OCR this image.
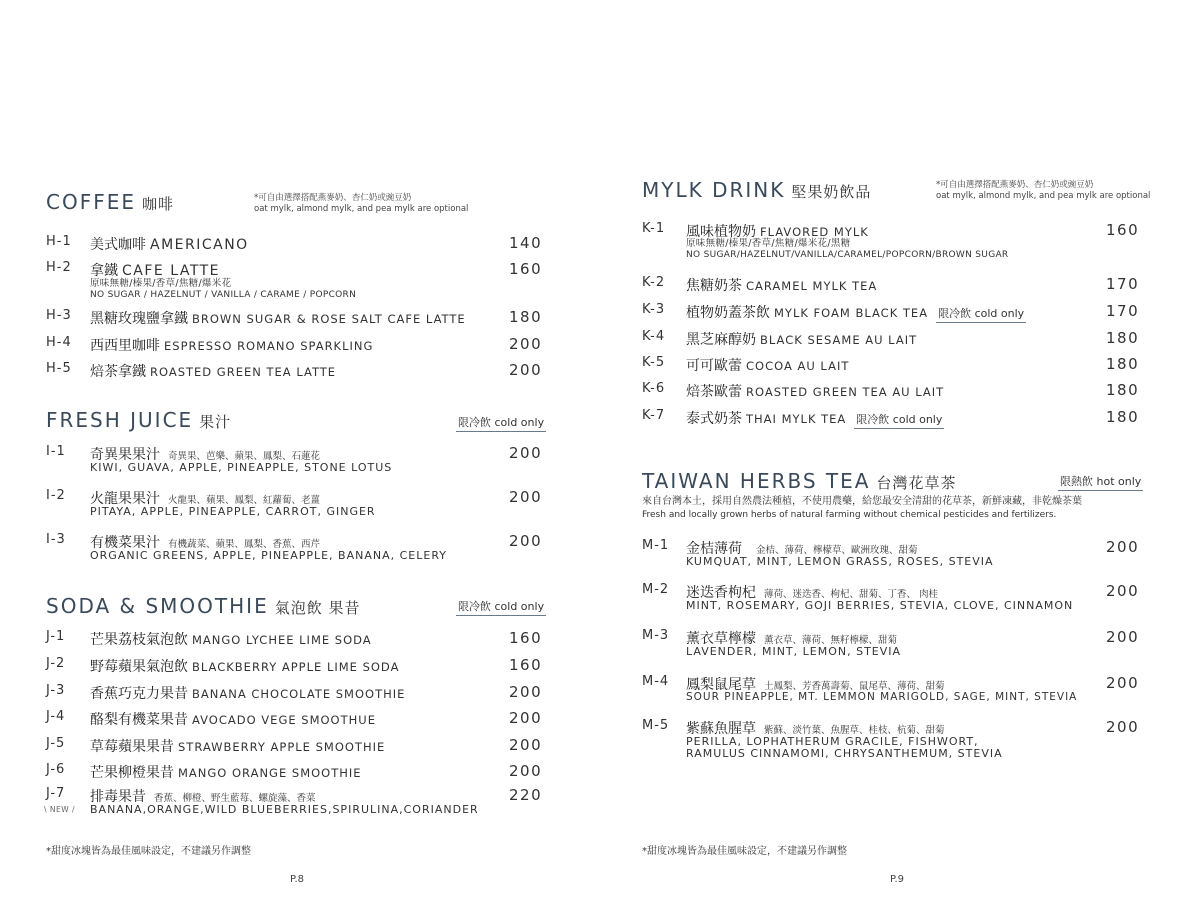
COFFEE 咖啡	*可自由選擇搭配燕麥奶、杏仁奶或豌豆奶
oat mylk, almond mylk, and pea mylk are optional
H-1 美式咖啡 AMERICANO	140
H-2 拿鐵 CAFE LATTE	160
原味無糖/榛果/香草/焦糖/爆米花
NO SUGAR / HAZELNUT / VANILLA / CARAME / POPCORN
H-3 黑糖玫瑰鹽拿鐵 BROWN SUGAR & ROSE SALT CAFE LATTE	180
H-4 西西里咖啡 ESPRESSO ROMANO SPARKLING	200
H-5 焙茶拿鐵 ROASTED GREEN TEA LATTE	200
FRESH JUICE 果汁	限冷飲 cold only
I-1 奇異果果汁 奇異果、芭樂、蘋果、鳳梨、石蓮花	200
KIWI, GUAVA, APPLE, PINEAPPLE, STONE LOTUS
I-2 火龍果果汁 火龍果、蘋果、鳳梨、紅蘿蔔、老薑	200
PITAYA, APPLE, PINEAPPLE, CARROT, GINGER
I-3 有機菜果汁 有機蔬菜、蘋果、鳳梨、香蕉、西芹	200
ORGANIC GREENS, APPLE, PINEAPPLE, BANANA, CELERY
SODA & SMOOTHIE 氣泡飲 果昔	限冷飲 cold only
J-1 芒果荔枝氣泡飲 MANGO LYCHEE LIME SODA	160
J-2 野莓蘋果氣泡飲 BLACKBERRY APPLE LIME SODA	160
J-3 香蕉巧克力果昔 BANANA CHOCOLATE SMOOTHIE	200
J-4 酪梨有機菜果昔 AVOCADO VEGE SMOOTHUE	200
J-5 草莓蘋果果昔 STRAWBERRY APPLE SMOOTHIE	200
J-6 芒果柳橙果昔 MANGO ORANGE SMOOTHIE	200
J-7 排毒果昔 香蕉、柳橙、野生藍莓、螺旋藻、香菜	220
\ NEW / BANANA,ORANGE,WILD BLUEBERRIES,SPIRULINA,CORIANDER
*甜度冰塊皆為最佳風味設定，不建議另作調整
P.8
MYLK DRINK 堅果奶飲品	*可自由選擇搭配燕麥奶、杏仁奶或豌豆奶
oat mylk, almond mylk, and pea mylk are optional
K-1 風味植物奶 FLAVORED MYLK	160
原味無糖/榛果/香草/焦糖/爆米花/黑糖
NO SUGAR/HAZELNUT/VANILLA/CARAMEL/POPCORN/BROWN SUGAR
K-2 焦糖奶茶 CARAMEL MYLK TEA	170
K-3 植物奶蓋茶飲 MYLK FOAM BLACK TEA 限冷飲 cold only	170
K-4 黑芝麻醇奶 BLACK SESAME AU LAIT	180
K-5 可可歐蕾 COCOA AU LAIT	180
K-6 焙茶歐蕾 ROASTED GREEN TEA AU LAIT	180
K-7 泰式奶茶 THAI MYLK TEA 限冷飲 cold only	180
TAIWAN HERBS TEA 台灣花草茶	限熱飲 hot only
來自台灣本土，採用自然農法種植，不使用農藥，給您最安全清甜的花草茶，新鮮凍藏，非乾燥茶葉
Fresh and locally grown herbs of natural farming without chemical pesticides and fertilizers.
M-1 金桔薄荷 金桔、薄荷、檸檬草、歐洲玫瑰、甜菊	200
KUMQUAT, MINT, LEMON GRASS, ROSES, STEVIA
M-2 迷迭香枸杞 薄荷、迷迭香、枸杞、甜菊、丁香、 肉桂	200
MINT, ROSEMARY, GOJI BERRIES, STEVIA, CLOVE, CINNAMON
M-3 薰衣草檸檬 薰衣草、薄荷、無籽檸檬、甜菊	200
LAVENDER, MINT, LEMON, STEVIA
M-4 鳳梨鼠尾草 土鳳梨、芳香萬壽菊、鼠尾草、薄荷、甜菊	200
SOUR PINEAPPLE, MT. LEMMON MARIGOLD, SAGE, MINT, STEVIA
M-5 紫蘇魚腥草 紫蘇、淡竹葉、魚腥草、桂枝、杭菊、甜菊	200
PERILLA, LOPHATHERUM GRACILE, FISHWORT,
RAMULUS CINNAMOMI, CHRYSANTHEMUM, STEVIA
*甜度冰塊皆為最佳風味設定，不建議另作調整
P.9
